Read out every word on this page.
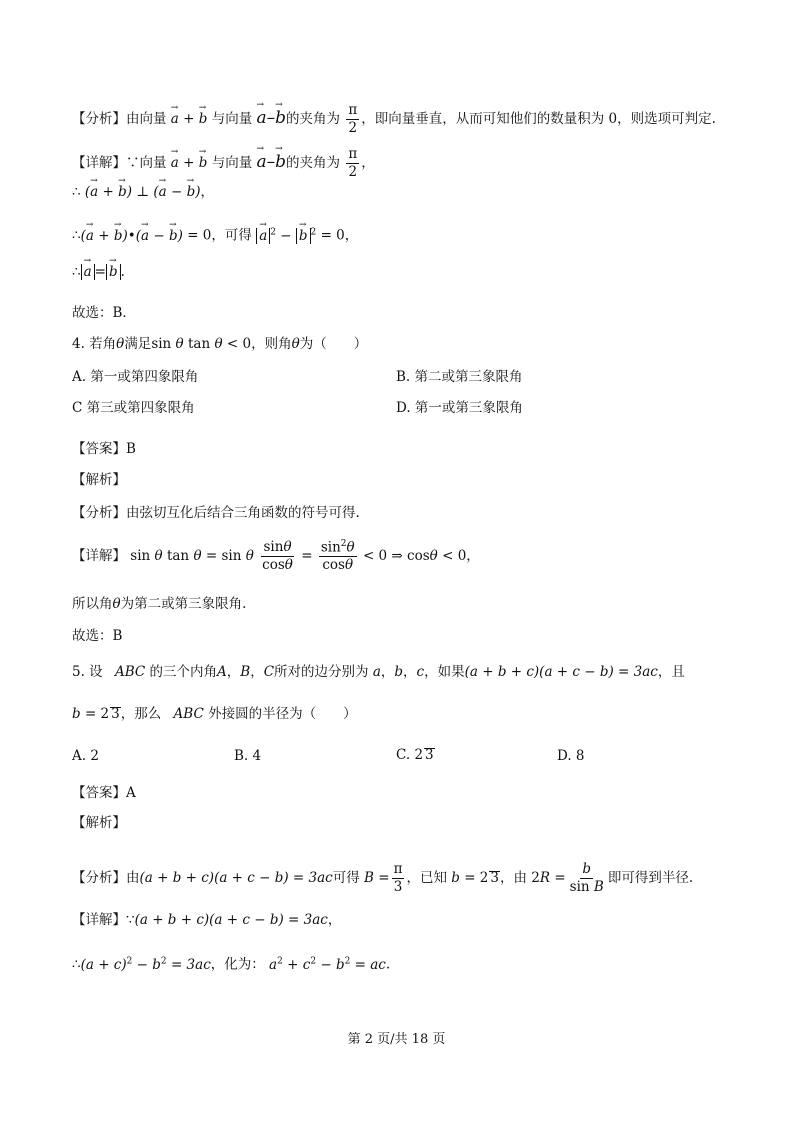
【分析】由向量 → a + → b 与向量 → a–→ b的夹角为 $\frac{\pi}{2}$ ，即向量垂直，从而可知他们的数量积为 0，则选项可判定.
【详解】∵向量 → a + → b 与向量 → a–→ b的夹角为 $\frac{\pi}{2}$ ，
∴ (→ a + → b) ⊥ (→ a − → b)，
∴(→ a + → b)•(→ a − → b) = 0，可得 → a $^2$ − → b $^2$ = 0，
∴ → a = → b .
故选：B．
4. 若角θ满足sin θ tan θ < 0，则角θ为（　　）
A. 第一或第四象限角	B. 第二或第三象限角
C 第三或第四象限角	D. 第一或第三象限角
【答案】B
【解析】
【分析】由弦切互化后结合三角函数的符号可得.
【详解】 sin θ tan θ = sin θ $\frac{\sin\theta}{\cos\theta} = \frac{\sin^2\theta}{\cos\theta} < 0$ ⇒ cosθ < 0，
所以角θ为第二或第三象限角.
故选：B
5. 设 ABC 的三个内角A，B，C所对的边分别为 a，b，c，如果(a + b + c)(a + c − b) = 3ac，且
b = 2 3，那么 ABC 外接圆的半径为（　　）
A. 2	B. 4	C. 2 3	D. 8
【答案】A
【解析】
【分析】由(a + b + c)(a + c − b) = 3ac可得 $B = \frac{\pi}{3}$ ，已知 b = 2 3，由 $2R = \frac{b}{\text{sin B}}$ 即可得到半径.
【详解】∵(a + b + c)(a + c − b) = 3ac，
∴(a + $c)^2 - b^2 = 3ac$，化为： $a^2 + c^2 - b^2$ = ac.
第 2 页/共 18 页
